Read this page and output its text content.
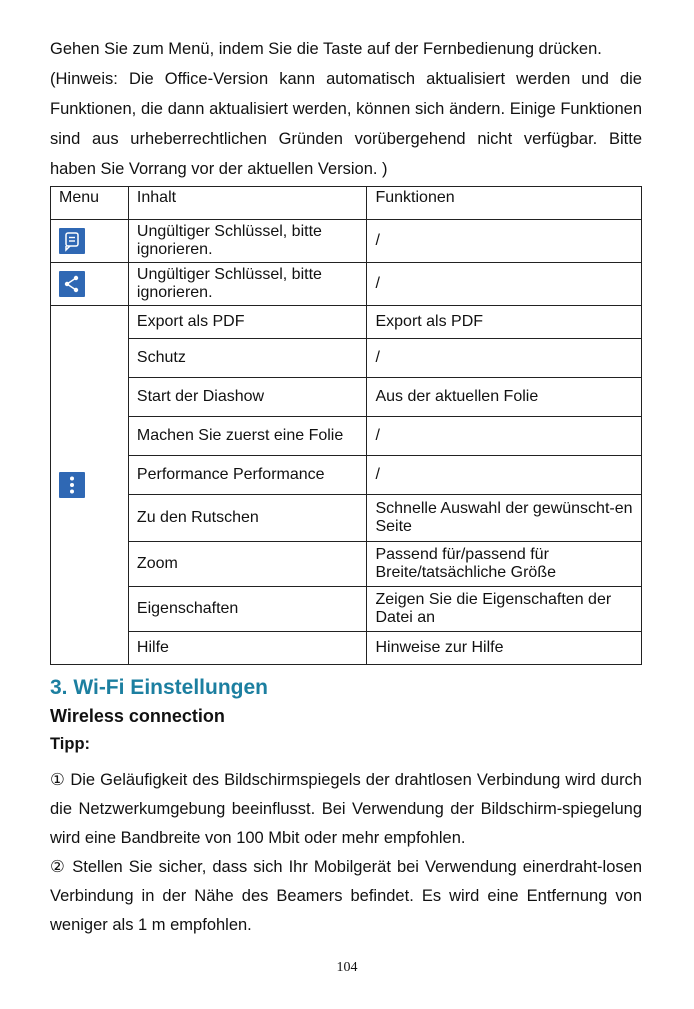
Gehen Sie zum Menü, indem Sie die Taste auf der Fernbedienung drücken.

(Hinweis: Die Office-Version kann automatisch aktualisiert werden und die Funktionen, die dann aktualisiert werden, können sich ändern. Einige Funktionen sind aus urheberrechtlichen Gründen vorübergehend nicht verfügbar. Bitte haben Sie Vorrang vor der aktuellen Version. )

Menu	Inhalt	Funktionen

	Ungültiger Schlüssel, bitte ignorieren.	/

	Ungültiger Schlüssel, bitte ignorieren.	/

	Export als PDF	Export als PDF
	Schutz	/
	Start der Diashow	Aus der aktuellen Folie
	Machen Sie zuerst eine Folie	/
	Performance Performance	/
	Zu den Rutschen	Schnelle Auswahl der gewünscht-en Seite
	Zoom	Passend für/passend für Breite/tatsächliche Größe
	Eigenschaften	Zeigen Sie die Eigenschaften der Datei an
	Hilfe	Hinweise zur Hilfe
3. Wi-Fi Einstellungen
Wireless connection

Tipp:

① Die Geläufigkeit des Bildschirmspiegels der drahtlosen Verbindung wird durch die Netzwerkumgebung beeinflusst. Bei Verwendung der Bildschirm-spiegelung wird eine Bandbreite von 100 Mbit oder mehr empfohlen.

② Stellen Sie sicher, dass sich Ihr Mobilgerät bei Verwendung einerdraht-losen Verbindung in der Nähe des Beamers befindet. Es wird eine Entfernung von weniger als 1 m empfohlen.

104
